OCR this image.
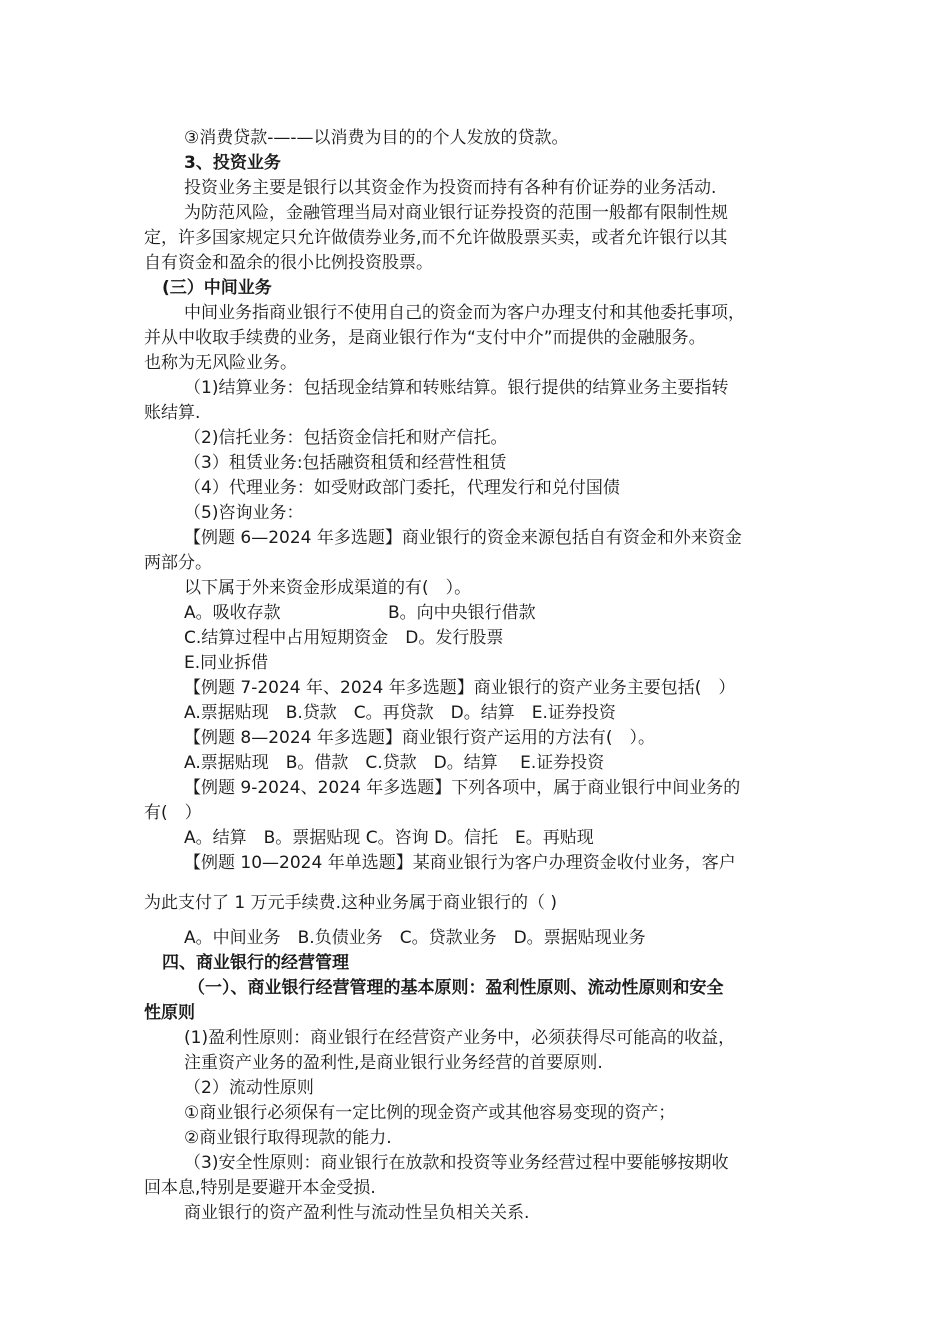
③消费贷款-—-—以消费为目的的个人发放的贷款。
3、投资业务
投资业务主要是银行以其资金作为投资而持有各种有价证券的业务活动.
为防范风险，金融管理当局对商业银行证券投资的范围一般都有限制性规
定，许多国家规定只允许做债券业务,而不允许做股票买卖，或者允许银行以其
自有资金和盈余的很小比例投资股票。
(三）中间业务
中间业务指商业银行不使用自己的资金而为客户办理支付和其他委托事项，
并从中收取手续费的业务，是商业银行作为“支付中介”而提供的金融服务。
也称为无风险业务。
（1)结算业务：包括现金结算和转账结算。银行提供的结算业务主要指转
账结算.
（2)信托业务：包括资金信托和财产信托。
（3）租赁业务:包括融资租赁和经营性租赁
（4）代理业务：如受财政部门委托，代理发行和兑付国债
（5)咨询业务：
【例题 6—2024 年多选题】商业银行的资金来源包括自有资金和外来资金
两部分。
以下属于外来资金形成渠道的有(　）。
A。吸收存款	B。向中央银行借款
C.结算过程中占用短期资金　D。发行股票
E.同业拆借
【例题 7-2024 年、2024 年多选题】商业银行的资产业务主要包括(　）
A.票据贴现　B.贷款　C。再贷款　D。结算　E.证券投资
【例题 8—2024 年多选题】商业银行资产运用的方法有(　）。
A.票据贴现　B。借款　C.贷款　D。结算　 E.证券投资
【例题 9-2024、2024 年多选题】下列各项中，属于商业银行中间业务的
有(　）
A。结算　B。票据贴现 C。咨询 D。信托　E。再贴现
【例题 10—2024 年单选题】某商业银行为客户办理资金收付业务，客户
为此支付了 1 万元手续费.这种业务属于商业银行的（ )
A。中间业务　B.负债业务　C。贷款业务　D。票据贴现业务
四、商业银行的经营管理
（一）、商业银行经营管理的基本原则：盈利性原则、流动性原则和安全
性原则
(1)盈利性原则：商业银行在经营资产业务中，必须获得尽可能高的收益，
注重资产业务的盈利性,是商业银行业务经营的首要原则.
（2）流动性原则
①商业银行必须保有一定比例的现金资产或其他容易变现的资产；
②商业银行取得现款的能力.
（3)安全性原则：商业银行在放款和投资等业务经营过程中要能够按期收
回本息,特别是要避开本金受损.
商业银行的资产盈利性与流动性呈负相关关系.
